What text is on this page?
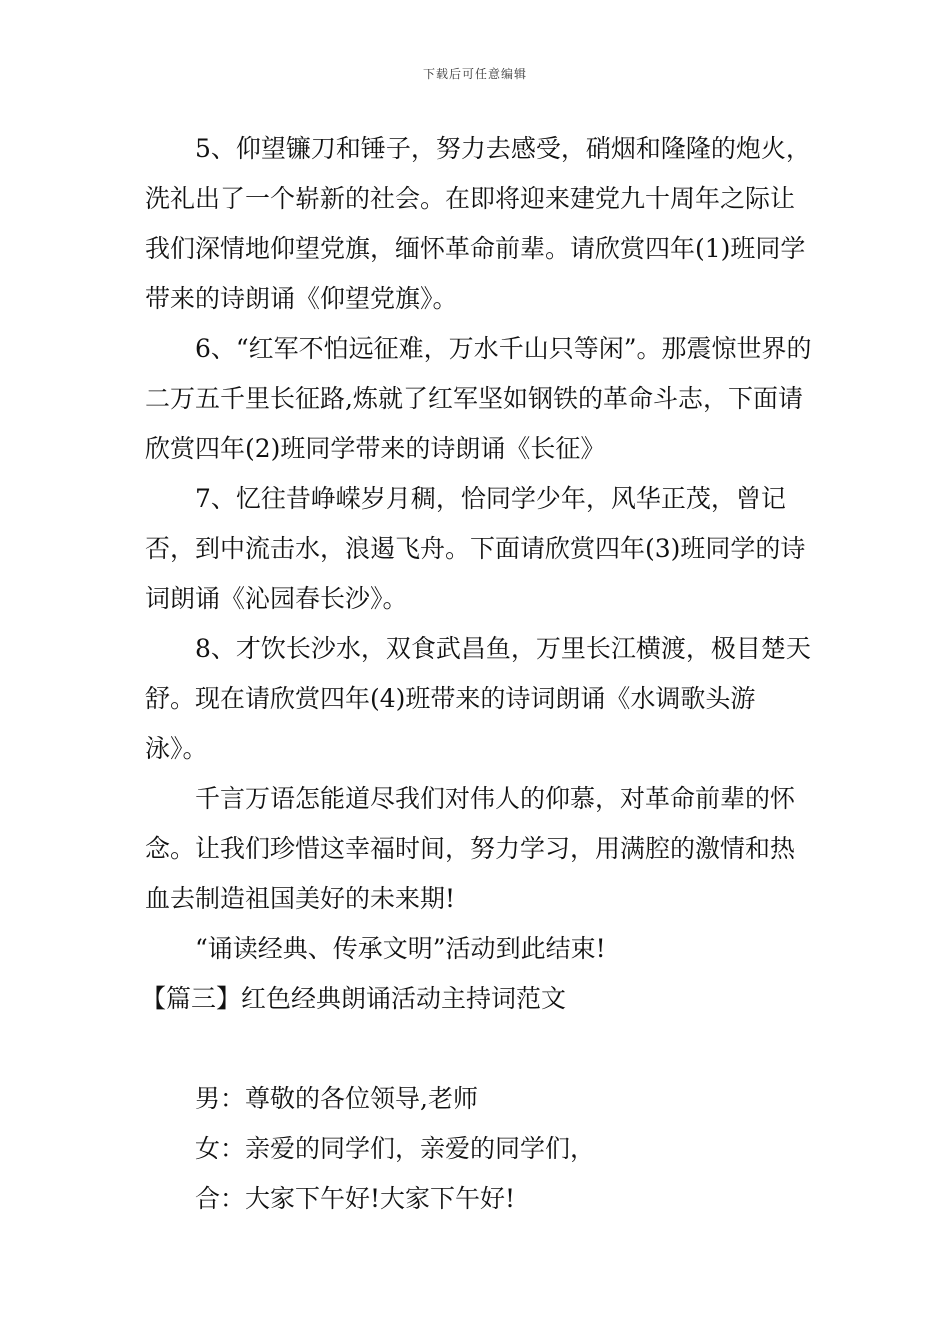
下载后可任意编辑

5、仰望镰刀和锤子，努力去感受，硝烟和隆隆的炮火，洗礼出了一个崭新的社会。在即将迎来建党九十周年之际让我们深情地仰望党旗，缅怀革命前辈。请欣赏四年(1)班同学带来的诗朗诵《仰望党旗》。

6、“红军不怕远征难，万水千山只等闲”。那震惊世界的二万五千里长征路,炼就了红军坚如钢铁的革命斗志，下面请欣赏四年(2)班同学带来的诗朗诵《长征》

7、忆往昔峥嵘岁月稠，恰同学少年，风华正茂，曾记否，到中流击水，浪遏飞舟。下面请欣赏四年(3)班同学的诗词朗诵《沁园春长沙》。

8、才饮长沙水，双食武昌鱼，万里长江横渡，极目楚天舒。现在请欣赏四年(4)班带来的诗词朗诵《水调歌头游泳》。

千言万语怎能道尽我们对伟人的仰慕，对革命前辈的怀念。让我们珍惜这幸福时间，努力学习，用满腔的激情和热血去制造祖国美好的未来期!

“诵读经典、传承文明”活动到此结束!

【篇三】红色经典朗诵活动主持词范文

男：尊敬的各位领导,老师

女：亲爱的同学们，亲爱的同学们，

合：大家下午好!大家下午好!
